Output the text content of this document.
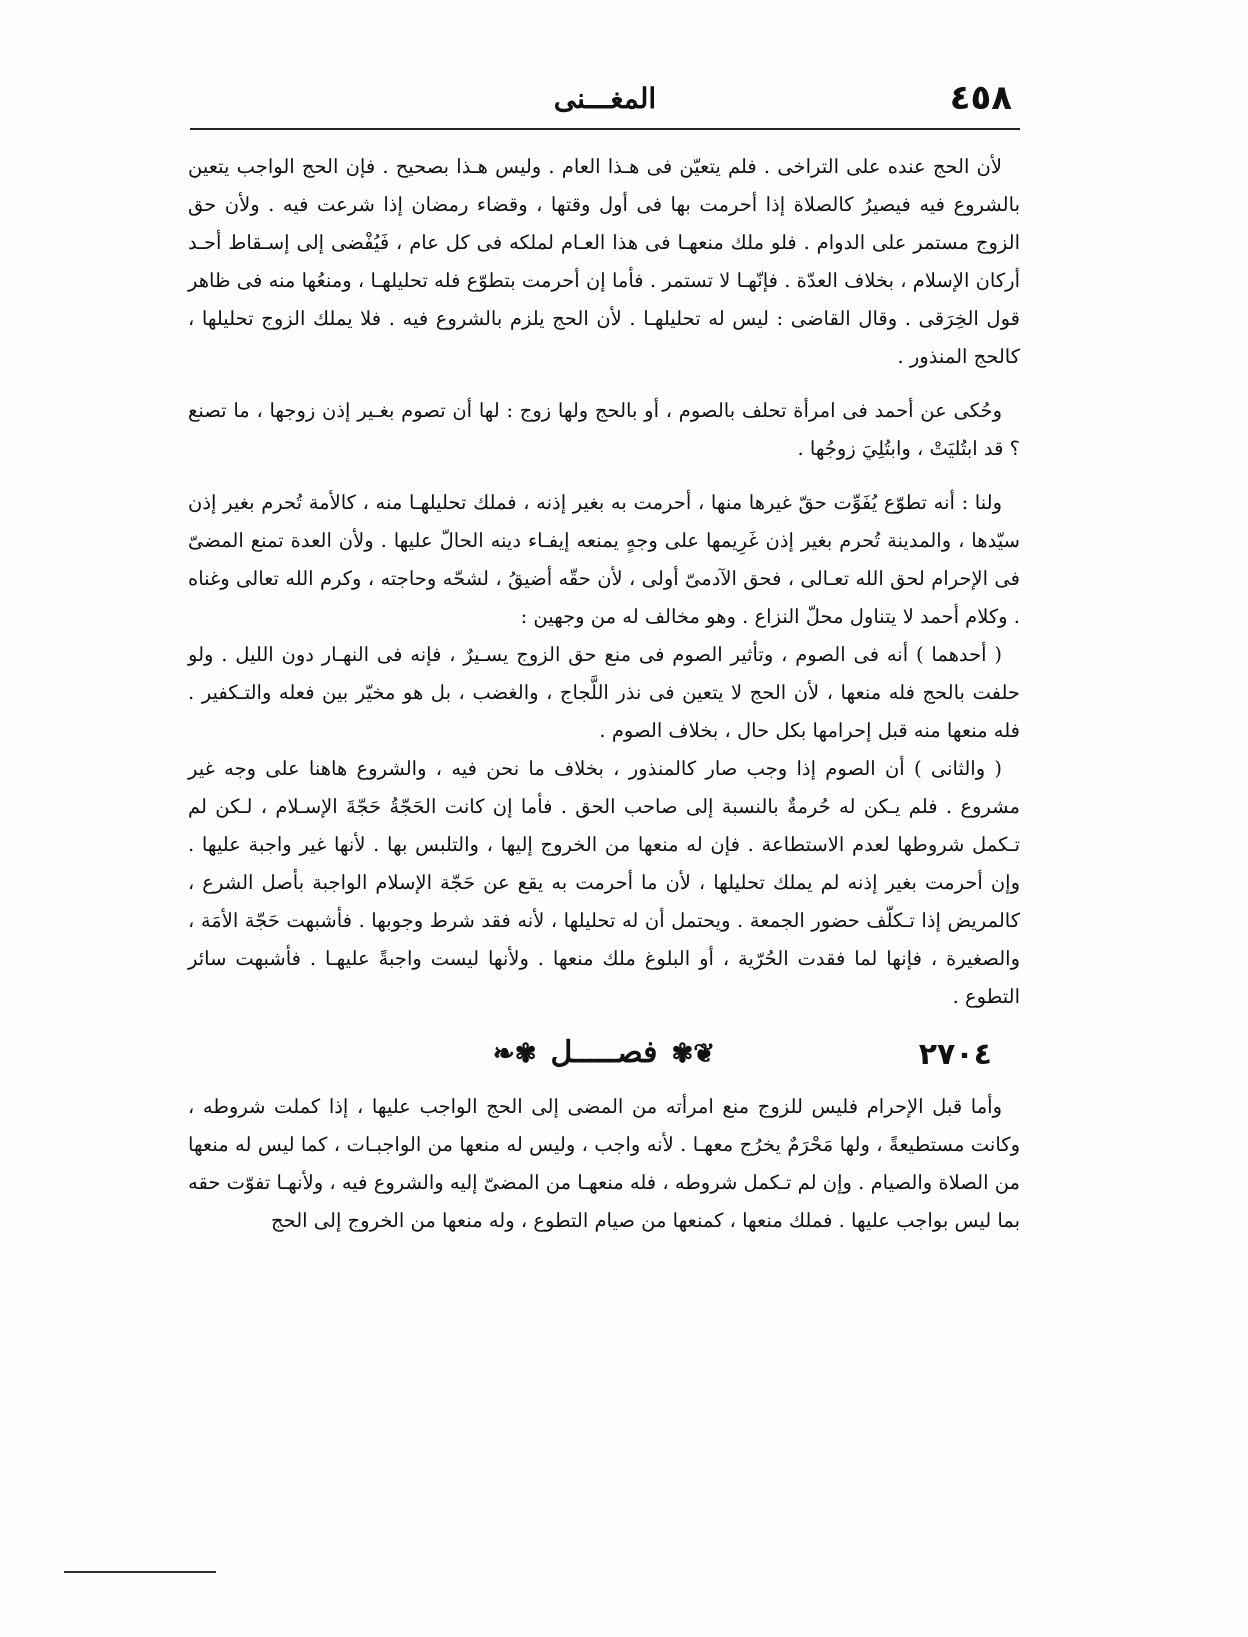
٤٥٨
المغـــنى

لأن الحج عنده على التراخى . فلم يتعيّن فى هـذا العام . وليس هـذا بصحيح . فإن الحج الواجب يتعين بالشروع فيه فيصيرُ كالصلاة إذا أحرمت بها فى أول وقتها ، وقضاء رمضان إذا شرعت فيه . ولأن حق الزوج مستمر على الدوام . فلو ملك منعهـا فى هذا العـام لملكه فى كل عام ، فَيُفْضى إلى إسـقاط أحـد أركان الإسلام ، بخلاف العدّة . فإنّهـا لا تستمر . فأما إن أحرمت بتطوّع فله تحليلهـا ، ومنعُها منه فى ظاهر قول الخِرَقى . وقال القاضى : ليس له تحليلهـا . لأن الحج يلزم بالشروع فيه . فلا يملك الزوج تحليلها ، كالحج المنذور .

وحُكى عن أحمد فى امرأة تحلف بالصوم ، أو بالحج ولها زوج : لها أن تصوم بغـير إذن زوجها ، ما تصنع ؟ قد ابتُليَتْ ، وابتُلِيَ زوجُها .

ولنا : أنه تطوّع يُفَوِّت حقّ غيرها منها ، أحرمت به بغير إذنه ، فملك تحليلهـا منه ، كالأمة تُحرم بغير إذن سيّدها ، والمدينة تُحرم بغير إذن غَرِيمها على وجهٍ يمنعه إيفـاء دينه الحالّ عليها . ولأن العدة تمنع المضىّ فى الإحرام لحق الله تعـالى ، فحق الآدمىّ أولى ، لأن حقّه أضيقُ ، لشحّه وحاجته ، وكرم الله تعالى وغناه . وكلام أحمد لا يتناول محلّ النزاع . وهو مخالف له من وجهين :

( أحدهما ) أنه فى الصوم ، وتأثير الصوم فى منع حق الزوج يسـيرٌ ، فإنه فى النهـار دون الليل . ولو حلفت بالحج فله منعها ، لأن الحج لا يتعين فى نذر اللَّجاج ، والغضب ، بل هو مخيّر بين فعله والتـكفير . فله منعها منه قبل إحرامها بكل حال ، بخلاف الصوم .

( والثانى ) أن الصوم إذا وجب صار كالمنذور ، بخلاف ما نحن فيه ، والشروع هاهنا على وجه غير مشروع . فلم يـكن له حُرمةٌ بالنسبة إلى صاحب الحق . فأما إن كانت الحَجّةُ حَجّةَ الإسـلام ، لـكن لم تـكمل شروطها لعدم الاستطاعة . فإن له منعها من الخروج إليها ، والتلبس بها . لأنها غير واجبة عليها . وإن أحرمت بغير إذنه لم يملك تحليلها ، لأن ما أحرمت به يقع عن حَجّة الإسلام الواجبة بأصل الشرع ، كالمريض إذا تـكلّف حضور الجمعة . ويحتمل أن له تحليلها ، لأنه فقد شرط وجوبها . فأشبهت حَجّة الأمَة ، والصغيرة ، فإنها لما فقدت الحُرّية ، أو البلوغ ملك منعها . ولأنها ليست واجبةً عليهـا . فأشبهت سائر التطوع .

٢٧٠٤
❦✾فصـــــل✾❧

وأما قبل الإحرام فليس للزوج منع امرأته من المضى إلى الحج الواجب عليها ، إذا كملت شروطه ، وكانت مستطيعةً ، ولها مَحْرَمٌ يخرُج معهـا . لأنه واجب ، وليس له منعها من الواجبـات ، كما ليس له منعها من الصلاة والصيام . وإن لم تـكمل شروطه ، فله منعهـا من المضىّ إليه والشروع فيه ، ولأنهـا تفوّت حقه بما ليس بواجب عليها . فملك منعها ، كمنعها من صيام التطوع ، وله منعها من الخروج إلى الحج
